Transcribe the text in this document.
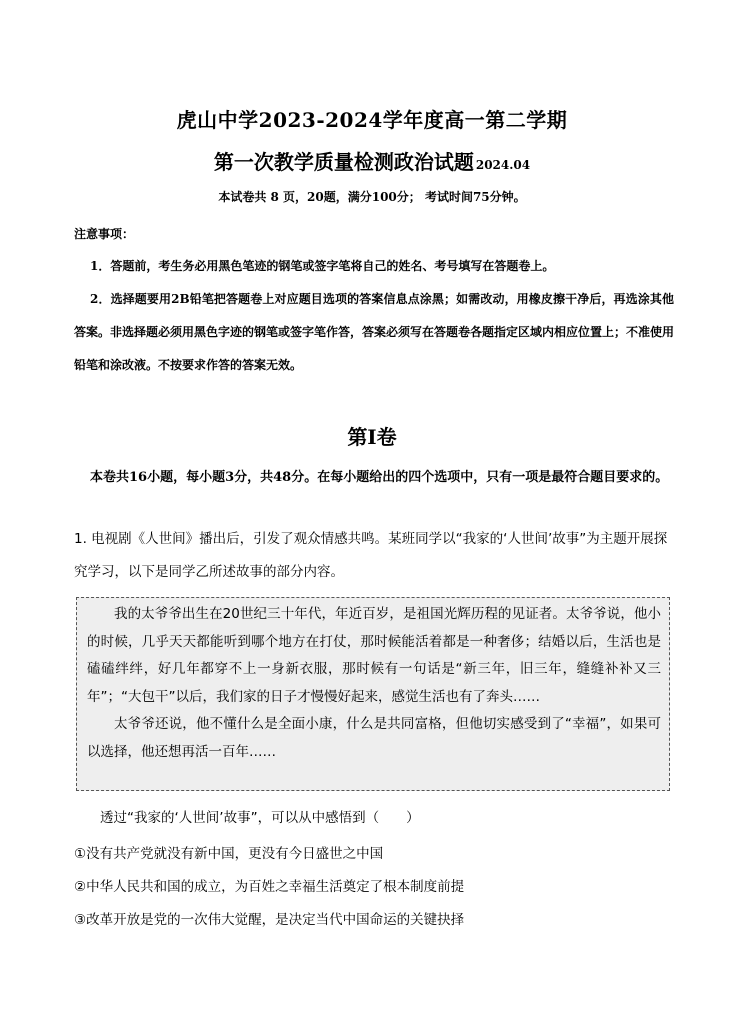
虎山中学2023-2024学年度高一第二学期
第一次教学质量检测政治试题 2024.04
本试卷共 8 页，20题，满分100分； 考试时间75分钟。
注意事项：
1．答题前，考生务必用黑色笔迹的钢笔或签字笔将自己的姓名、考号填写在答题卷上。
2．选择题要用2B铅笔把答题卷上对应题目选项的答案信息点涂黑；如需改动，用橡皮擦干净后，再选涂其他答案。非选择题必须用黑色字迹的钢笔或签字笔作答，答案必须写在答题卷各题指定区域内相应位置上；不准使用铅笔和涂改液。不按要求作答的答案无效。
第I卷
本卷共16小题，每小题3分，共48分。在每小题给出的四个选项中，只有一项是最符合题目要求的。
1. 电视剧《人世间》播出后，引发了观众情感共鸣。某班同学以“我家的‘人世间’故事”为主题开展探究学习，以下是同学乙所述故事的部分内容。

我的太爷爷出生在20世纪三十年代，年近百岁，是祖国光辉历程的见证者。太爷爷说，他小的时候，几乎天天都能听到哪个地方在打仗，那时候能活着都是一种奢侈；结婚以后，生活也是磕磕绊绊，好几年都穿不上一身新衣服，那时候有一句话是“新三年，旧三年，缝缝补补又三年”；“大包干”以后，我们家的日子才慢慢好起来，感觉生活也有了奔头……

太爷爷还说，他不懂什么是全面小康，什么是共同富格，但他切实感受到了“幸福”，如果可以选择，他还想再活一百年……

透过“我家的‘人世间’故事”，可以从中感悟到（　　）
①没有共产党就没有新中国，更没有今日盛世之中国
②中华人民共和国的成立，为百姓之幸福生活奠定了根本制度前提
③改革开放是党的一次伟大觉醒，是决定当代中国命运的关键抉择
